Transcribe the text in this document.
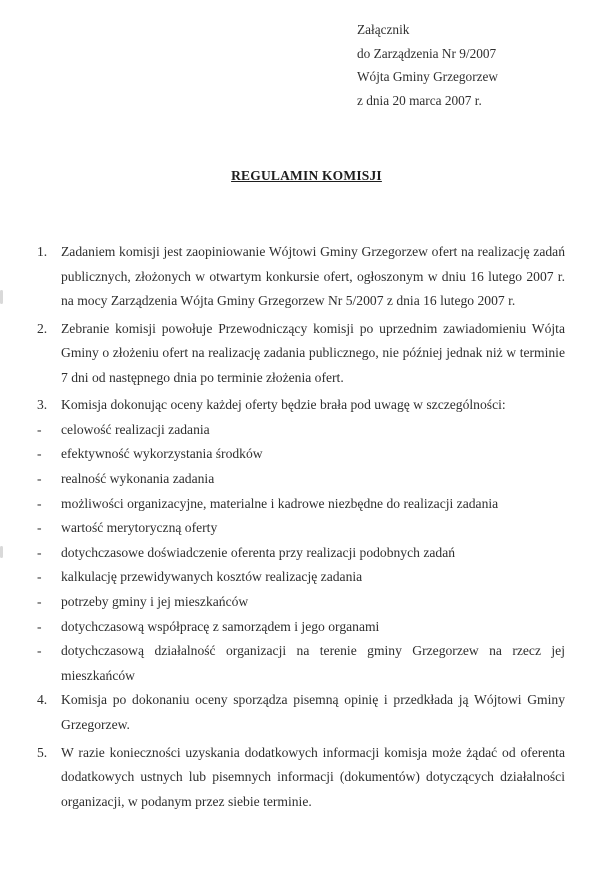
Załącznik
do Zarządzenia Nr 9/2007
Wójta Gminy Grzegorzew
z dnia 20 marca 2007 r.
REGULAMIN KOMISJI
1. Zadaniem komisji jest zaopiniowanie Wójtowi Gminy Grzegorzew ofert na realizację zadań publicznych, złożonych w otwartym konkursie ofert, ogłoszonym w dniu 16 lutego 2007 r. na mocy Zarządzenia Wójta Gminy Grzegorzew Nr 5/2007 z dnia 16 lutego 2007 r.
2. Zebranie komisji powołuje Przewodniczący komisji po uprzednim zawiadomieniu Wójta Gminy o złożeniu ofert na realizację zadania publicznego, nie później jednak niż w terminie 7 dni od następnego dnia po terminie złożenia ofert.
3. Komisja dokonując oceny każdej oferty będzie brała pod uwagę w szczególności:
- celowość realizacji zadania
- efektywność wykorzystania środków
- realność wykonania zadania
- możliwości organizacyjne, materialne i kadrowe niezbędne do realizacji zadania
- wartość merytoryczną oferty
- dotychczasowe doświadczenie oferenta przy realizacji podobnych zadań
- kalkulację przewidywanych kosztów realizację zadania
- potrzeby gminy i jej mieszkańców
- dotychczasową współpracę z samorządem i jego organami
- dotychczasową działalność organizacji na terenie gminy Grzegorzew na rzecz jej mieszkańców
4. Komisja po dokonaniu oceny sporządza pisemną opinię i przedkłada ją Wójtowi Gminy Grzegorzew.
5. W razie konieczności uzyskania dodatkowych informacji komisja może żądać od oferenta dodatkowych ustnych lub pisemnych informacji (dokumentów) dotyczących działalności organizacji, w podanym przez siebie terminie.
